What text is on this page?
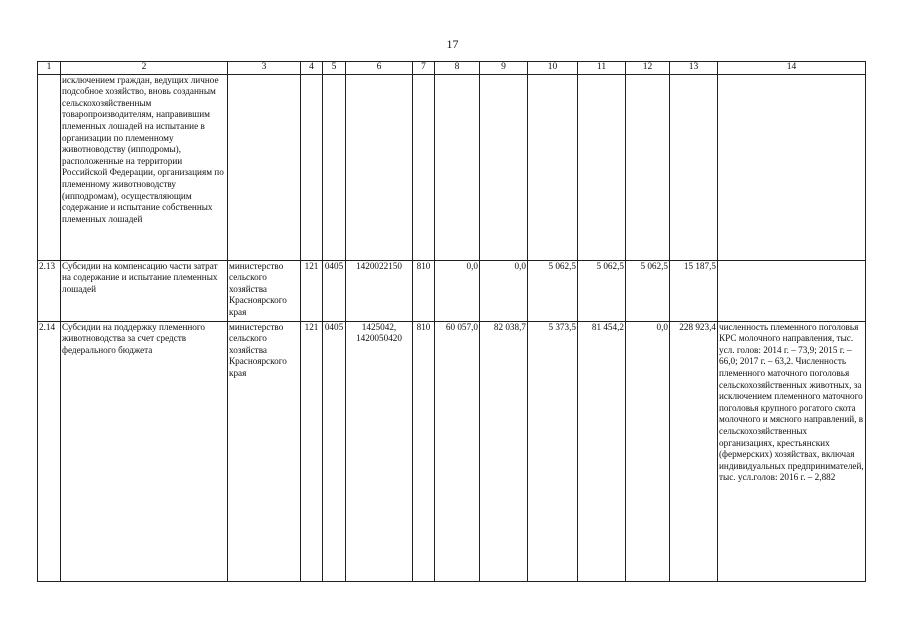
17
1	2	3	4	5	6	7	8	9	10	11	12	13	14
	исключением граждан, ведущих личное подсобное хозяйство, вновь созданным сельскохозяйственным товаропроизводителям, направившим племенных лошадей на испытание в организации по племенному животноводству (ипподромы), расположенные на территории Российской Федерации, организациям по племенному животноводству (ипподромам), осуществляющим содержание и испытание собственных племенных лошадей												
2.13	Субсидии на компенсацию части затрат на содержание и испытание племенных лошадей	министерство сельского хозяйства Красноярского края	121	0405	1420022150	810	0,0	0,0	5 062,5	5 062,5	5 062,5	15 187,5	
2.14	Субсидии на поддержку племенного животноводства за счет средств федерального бюджета	министерство сельского хозяйства Красноярского края	121	0405	1425042, 1420050420	810	60 057,0	82 038,7	5 373,5	81 454,2	0,0	228 923,4	численность племенного поголовья КРС молочного направления, тыс. усл. голов: 2014 г. – 73,9; 2015 г. – 66,0; 2017 г. – 63,2. Численность племенного маточного поголовья сельскохозяйственных животных, за исключением племенного маточного поголовья крупного рогатого скота молочного и мясного направлений, в сельскохозяйственных организациях, крестьянских (фермерских) хозяйствах, включая индивидуальных предпринимателей, тыс. усл.голов: 2016 г. – 2,882
